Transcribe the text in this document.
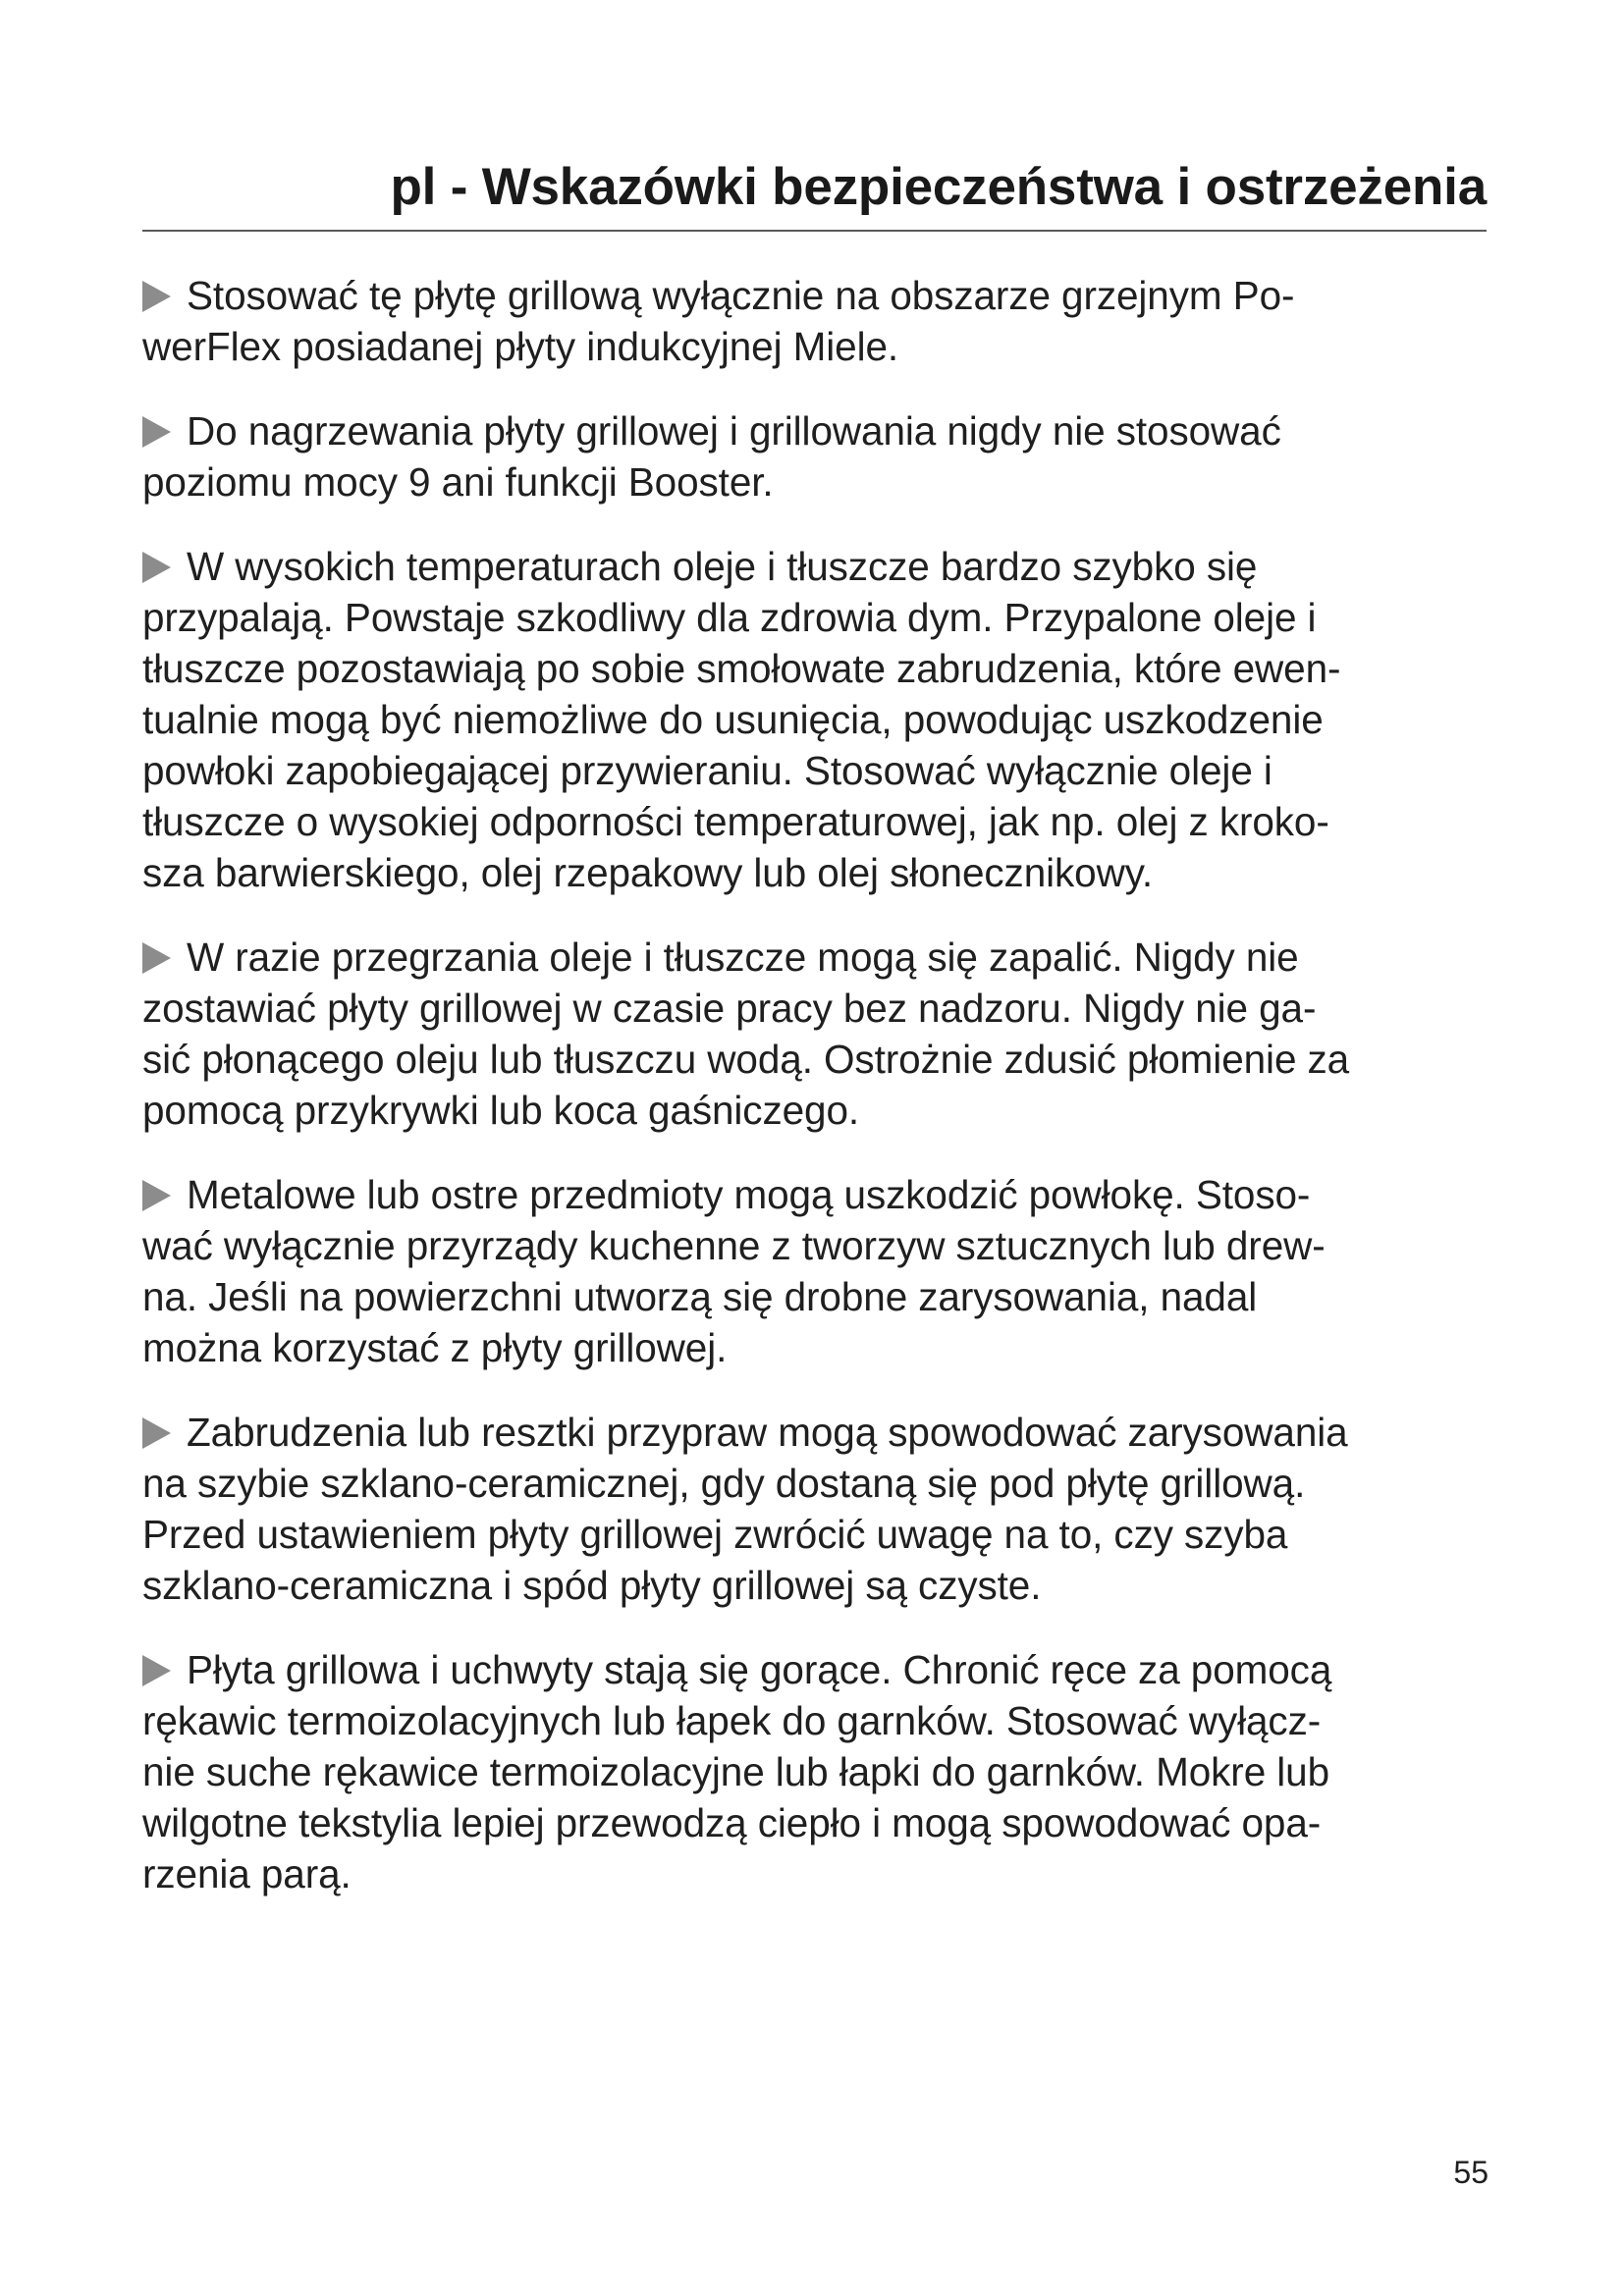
pl - Wskazówki bezpieczeństwa i ostrzeżenia

Stosować tę płytę grillową wyłącznie na obszarze grzejnym Po-
werFlex posiadanej płyty indukcyjnej Miele.

Do nagrzewania płyty grillowej i grillowania nigdy nie stosować
poziomu mocy 9 ani funkcji Booster.

W wysokich temperaturach oleje i tłuszcze bardzo szybko się
przypalają. Powstaje szkodliwy dla zdrowia dym. Przypalone oleje i
tłuszcze pozostawiają po sobie smołowate zabrudzenia, które ewen-
tualnie mogą być niemożliwe do usunięcia, powodując uszkodzenie
powłoki zapobiegającej przywieraniu. Stosować wyłącznie oleje i
tłuszcze o wysokiej odporności temperaturowej, jak np. olej z kroko-
sza barwierskiego, olej rzepakowy lub olej słonecznikowy.

W razie przegrzania oleje i tłuszcze mogą się zapalić. Nigdy nie
zostawiać płyty grillowej w czasie pracy bez nadzoru. Nigdy nie ga-
sić płonącego oleju lub tłuszczu wodą. Ostrożnie zdusić płomienie za
pomocą przykrywki lub koca gaśniczego.

Metalowe lub ostre przedmioty mogą uszkodzić powłokę. Stoso-
wać wyłącznie przyrządy kuchenne z tworzyw sztucznych lub drew-
na. Jeśli na powierzchni utworzą się drobne zarysowania, nadal
można korzystać z płyty grillowej.

Zabrudzenia lub resztki przypraw mogą spowodować zarysowania
na szybie szklano-ceramicznej, gdy dostaną się pod płytę grillową.
Przed ustawieniem płyty grillowej zwrócić uwagę na to, czy szyba
szklano-ceramiczna i spód płyty grillowej są czyste.

Płyta grillowa i uchwyty stają się gorące. Chronić ręce za pomocą
rękawic termoizolacyjnych lub łapek do garnków. Stosować wyłącz-
nie suche rękawice termoizolacyjne lub łapki do garnków. Mokre lub
wilgotne tekstylia lepiej przewodzą ciepło i mogą spowodować opa-
rzenia parą.

55
